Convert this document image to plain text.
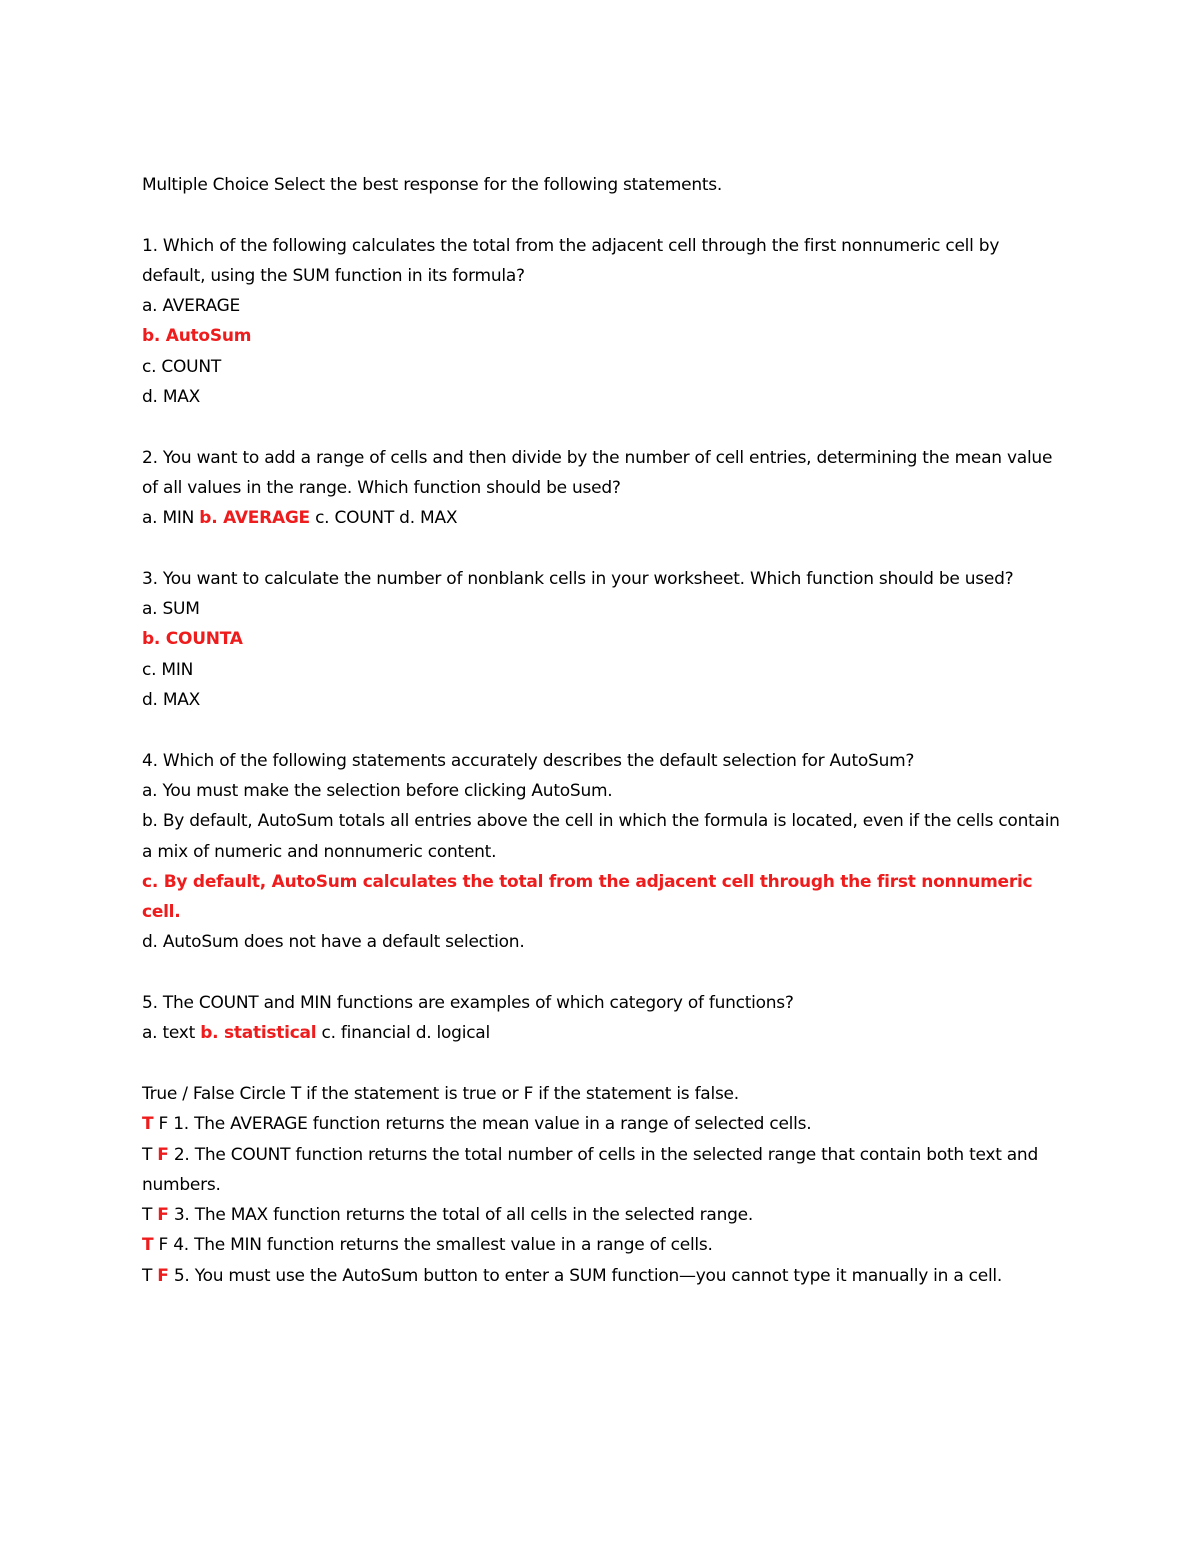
Multiple Choice Select the best response for the following statements.

1. Which of the following calculates the total from the adjacent cell through the first nonnumeric cell by default, using the SUM function in its formula?

a. AVERAGE

b. AutoSum

c. COUNT

d. MAX

2. You want to add a range of cells and then divide by the number of cell entries, determining the mean value of all values in the range. Which function should be used?

a. MIN b. AVERAGE c. COUNT d. MAX

3. You want to calculate the number of nonblank cells in your worksheet. Which function should be used?

a. SUM

b. COUNTA

c. MIN

d. MAX

4. Which of the following statements accurately describes the default selection for AutoSum?

a. You must make the selection before clicking AutoSum.

b. By default, AutoSum totals all entries above the cell in which the formula is located, even if the cells contain a mix of numeric and nonnumeric content.

c. By default, AutoSum calculates the total from the adjacent cell through the first nonnumeric cell.

d. AutoSum does not have a default selection.

5. The COUNT and MIN functions are examples of which category of functions?

a. text b. statistical c. financial d. logical

True / False Circle T if the statement is true or F if the statement is false.

T F 1. The AVERAGE function returns the mean value in a range of selected cells.

T F 2. The COUNT function returns the total number of cells in the selected range that contain both text and numbers.

T F 3. The MAX function returns the total of all cells in the selected range.

T F 4. The MIN function returns the smallest value in a range of cells.

T F 5. You must use the AutoSum button to enter a SUM function—you cannot type it manually in a cell.
